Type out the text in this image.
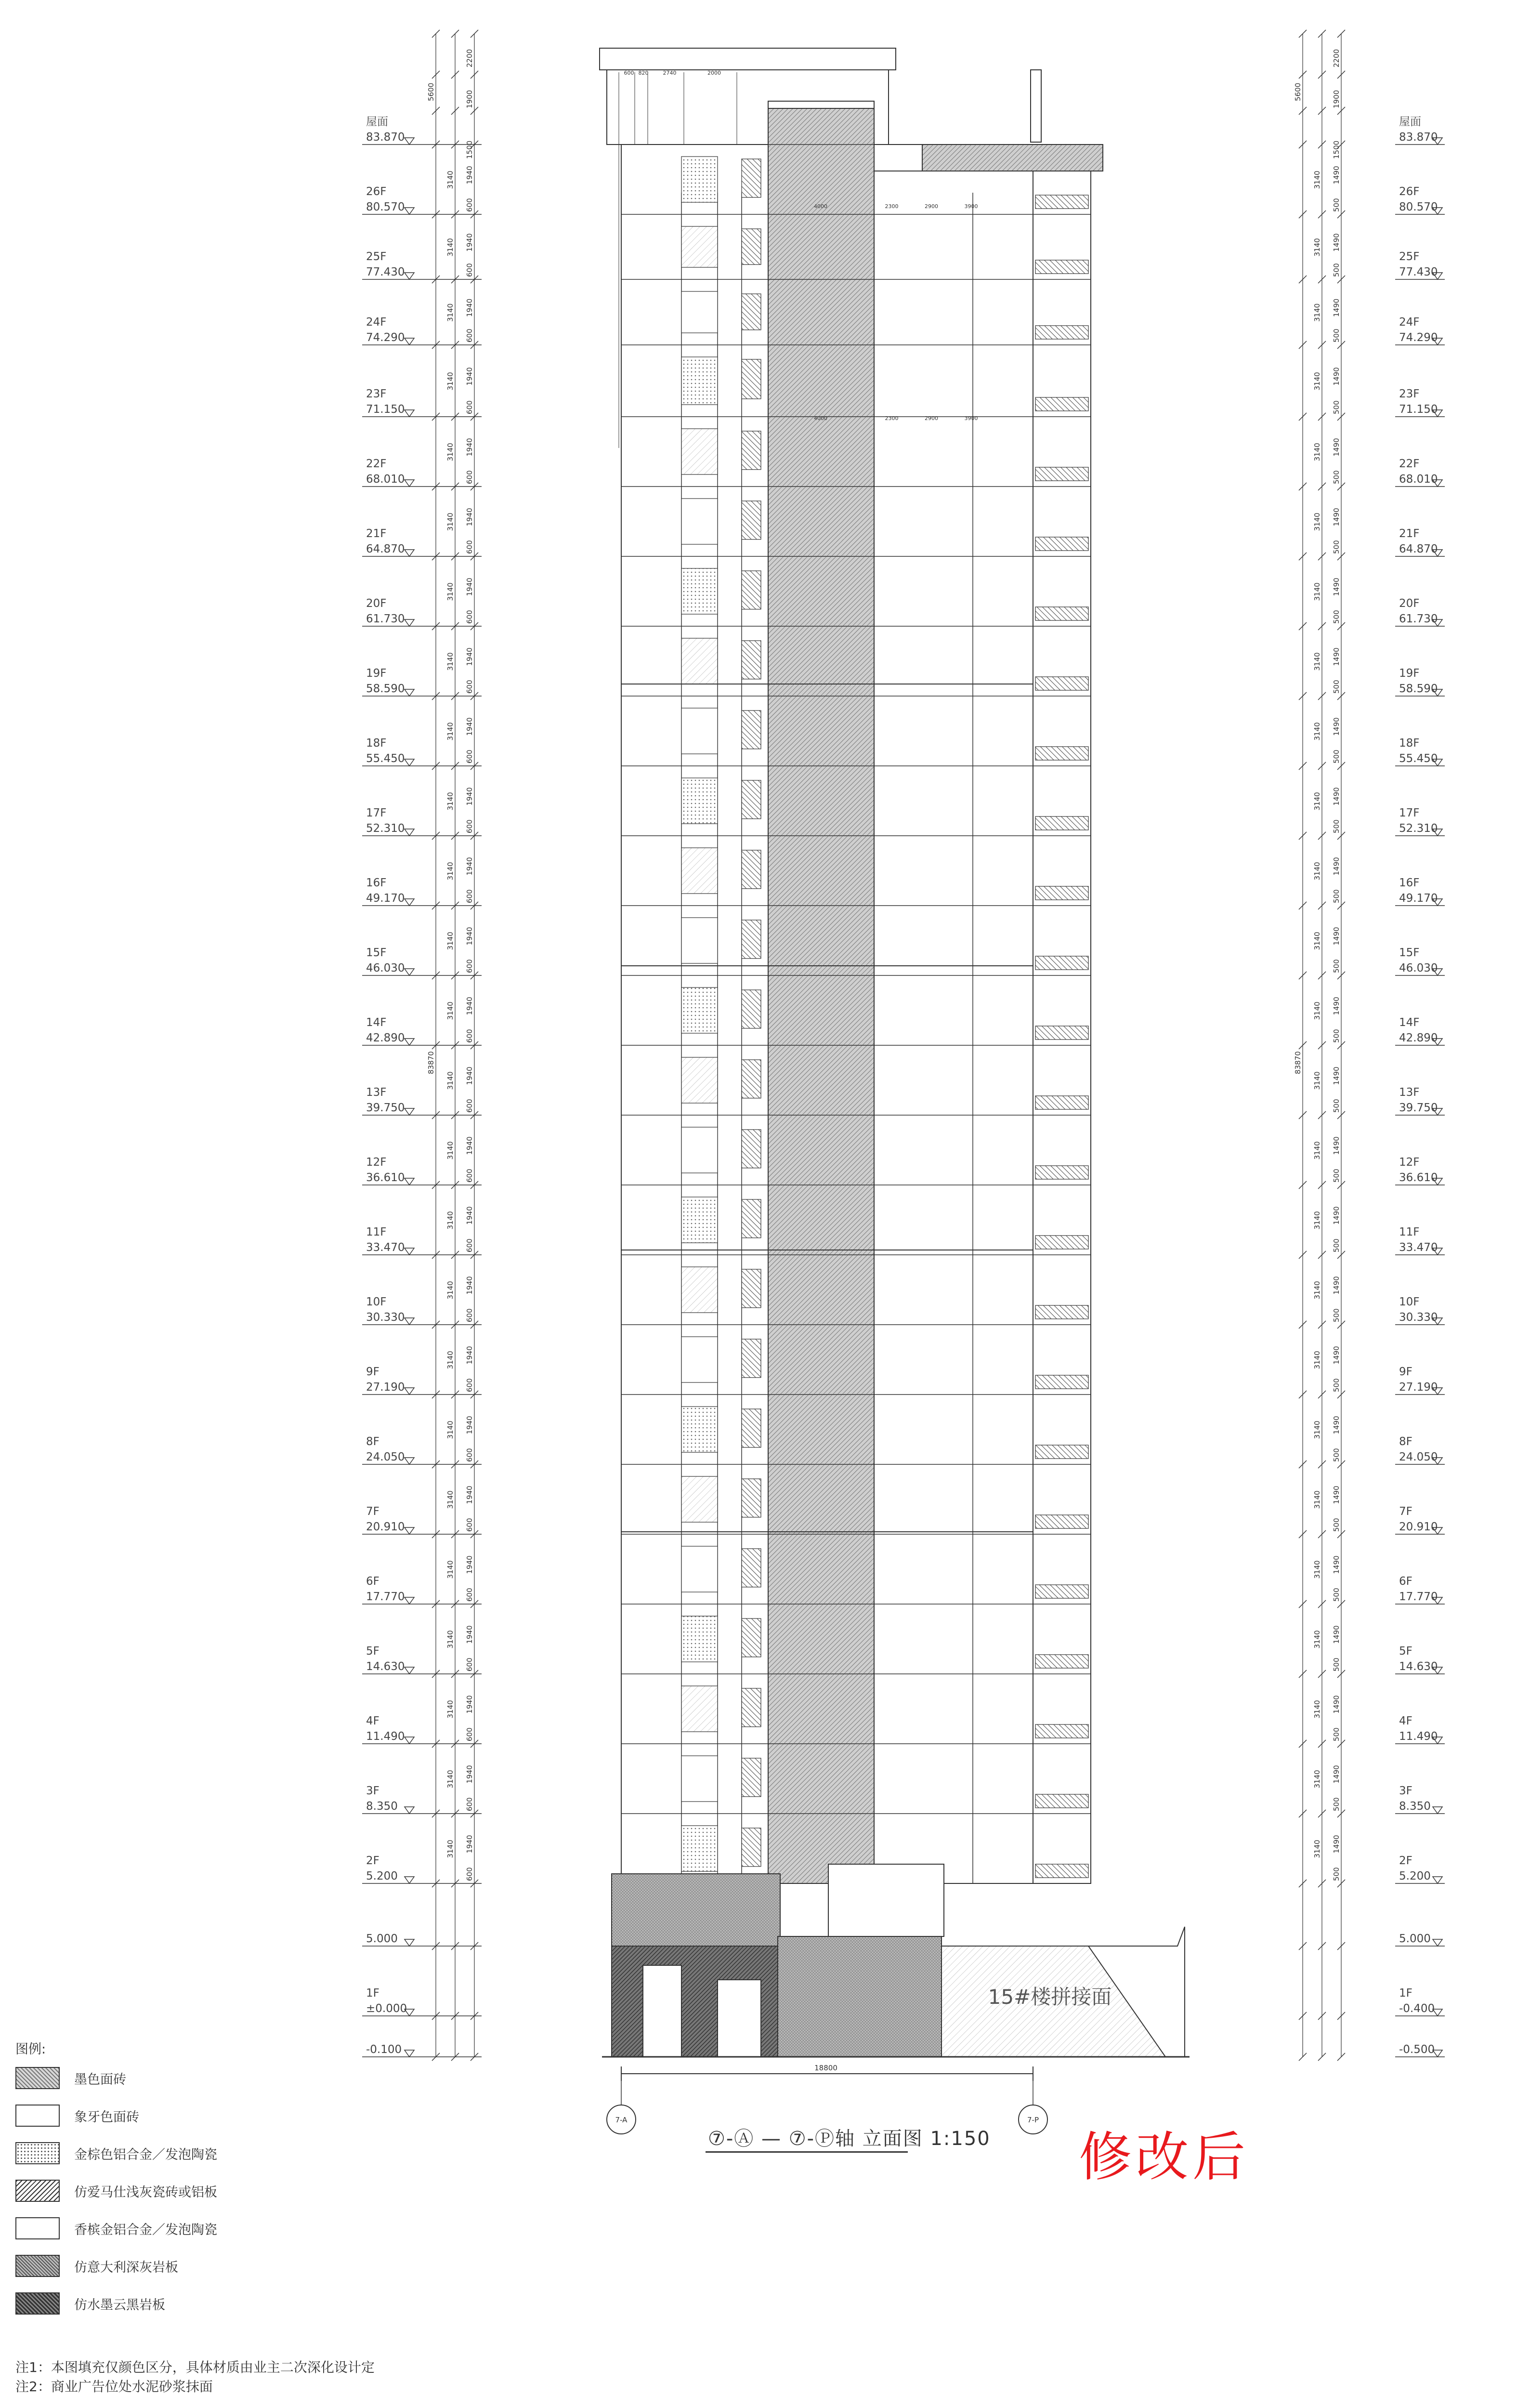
2200
5600	1900
1500
3140 1940
600
3140 1940
600
3140 1940
600
3140 1940
600
3140 1940
600
3140 1940
600
3140 1940
600
3140 1940
600
3140 1940
600
3140 1940
600
3140 1940
600
3140 1940
600
3140 1940
600
3140 1940
600
3140 1940
600
3140 1940
600
3140 1940
600
3140 1940
600
3140 1940
600
3140 1940
600
3140 1940
600
3140 1940
600
3140 1940
600
3140 1940
600
3140 1940
600
83870
2200
5600	1900
1500
3140 1490
500
3140 1490
500
3140 1490
500
3140 1490
500
3140 1490
500
3140 1490
500
3140 1490
500
3140 1490
500
3140 1490
500
3140 1490
500
3140 1490
500
3140 1490
500
3140 1490
500
3140 1490
500
3140 1490
500
3140 1490
500
3140 1490
500
3140 1490
500
3140 1490
500
3140 1490
500
3140 1490
500
3140 1490
500
3140 1490
500
3140 1490
500
3140 1490
500
83870
600 820	2740	2000
4000	2300	2900	3900
4000	2300	2900	3900
15#楼拼接面
屋面
83.870
26F
80.570
25F
77.430
24F
74.290
23F
71.150
22F
68.010
21F
64.870
20F
61.730
19F
58.590
18F
55.450
17F
52.310
16F
49.170
15F
46.030
14F
42.890
13F
39.750
12F
36.610
11F
33.470
10F
30.330
9F
27.190
8F
24.050
7F
20.910
6F
17.770
5F
14.630
4F
11.490
3F
8.350
2F
5.200
5.000
1F
±0.000
-0.100
屋面
83.870
26F
80.570
25F
77.430
24F
74.290
23F
71.150
22F
68.010
21F
64.870
20F
61.730
19F
58.590
18F
55.450
17F
52.310
16F
49.170
15F
46.030
14F
42.890
13F
39.750
12F
36.610
11F
33.470
10F
30.330
9F
27.190
8F
24.050
7F
20.910
6F
17.770
5F
14.630
4F
11.490
3F
8.350
2F
5.200
5.000
1F
-0.400
-0.500
18800
7-A	7-P
图例:
墨色面砖
象牙色面砖
金棕色铝合金／发泡陶瓷
仿爱马仕浅灰瓷砖或铝板
香槟金铝合金／发泡陶瓷
仿意大利深灰岩板
仿水墨云黑岩板
注1：本图填充仅颜色区分，具体材质由业主二次深化设计定
注2：商业广告位处水泥砂浆抹面
⑦-Ⓐ — ⑦-Ⓟ轴 立面图 1:150 修改后
